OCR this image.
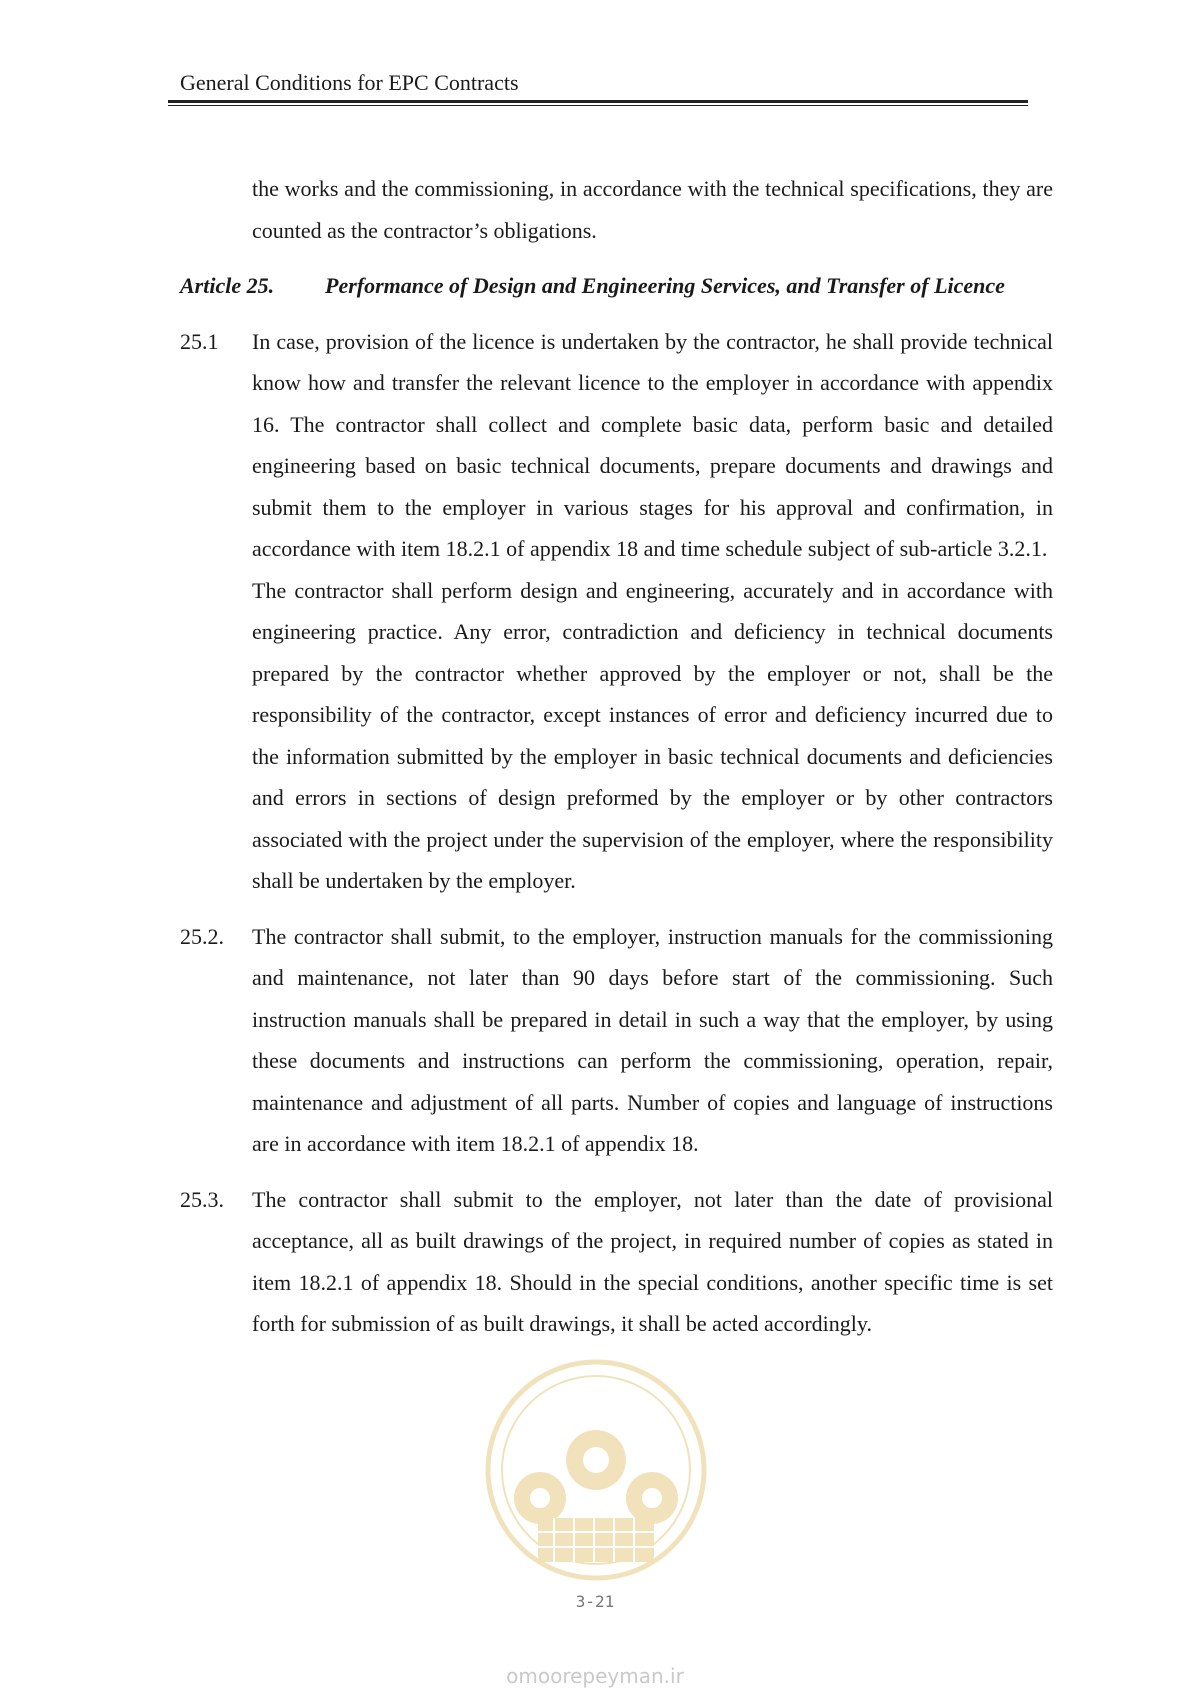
General Conditions for EPC Contracts

the works and the commissioning, in accordance with the technical specifications, they are counted as the contractor’s obligations.

Article 25.	Performance of Design and Engineering Services, and Transfer of Licence
25.1	In case, provision of the licence is undertaken by the contractor, he shall provide technical know how and transfer the relevant licence to the employer in accordance with appendix 16. The contractor shall collect and complete basic data, perform basic and detailed engineering based on basic technical documents, prepare documents and drawings and submit them to the employer in various stages for his approval and confirmation, in accordance with item 18.2.1 of appendix 18 and time schedule subject of sub-article 3.2.1.

The contractor shall perform design and engineering, accurately and in accordance with engineering practice. Any error, contradiction and deficiency in technical documents prepared by the contractor whether approved by the employer or not, shall be the responsibility of the contractor, except instances of error and deficiency incurred due to the information submitted by the employer in basic technical documents and deficiencies and errors in sections of design preformed by the employer or by other contractors associated with the project under the supervision of the employer, where the responsibility shall be undertaken by the employer.

25.2.	The contractor shall submit, to the employer, instruction manuals for the commissioning and maintenance, not later than 90 days before start of the commissioning. Such instruction manuals shall be prepared in detail in such a way that the employer, by using these documents and instructions can perform the commissioning, operation, repair, maintenance and adjustment of all parts. Number of copies and language of instructions are in accordance with item 18.2.1 of appendix 18.

25.3.	The contractor shall submit to the employer, not later than the date of provisional acceptance, all as built drawings of the project, in required number of copies as stated in item 18.2.1 of appendix 18. Should in the special conditions, another specific time is set forth for submission of as built drawings, it shall be acted accordingly.

3-21
omoorepeyman.ir
